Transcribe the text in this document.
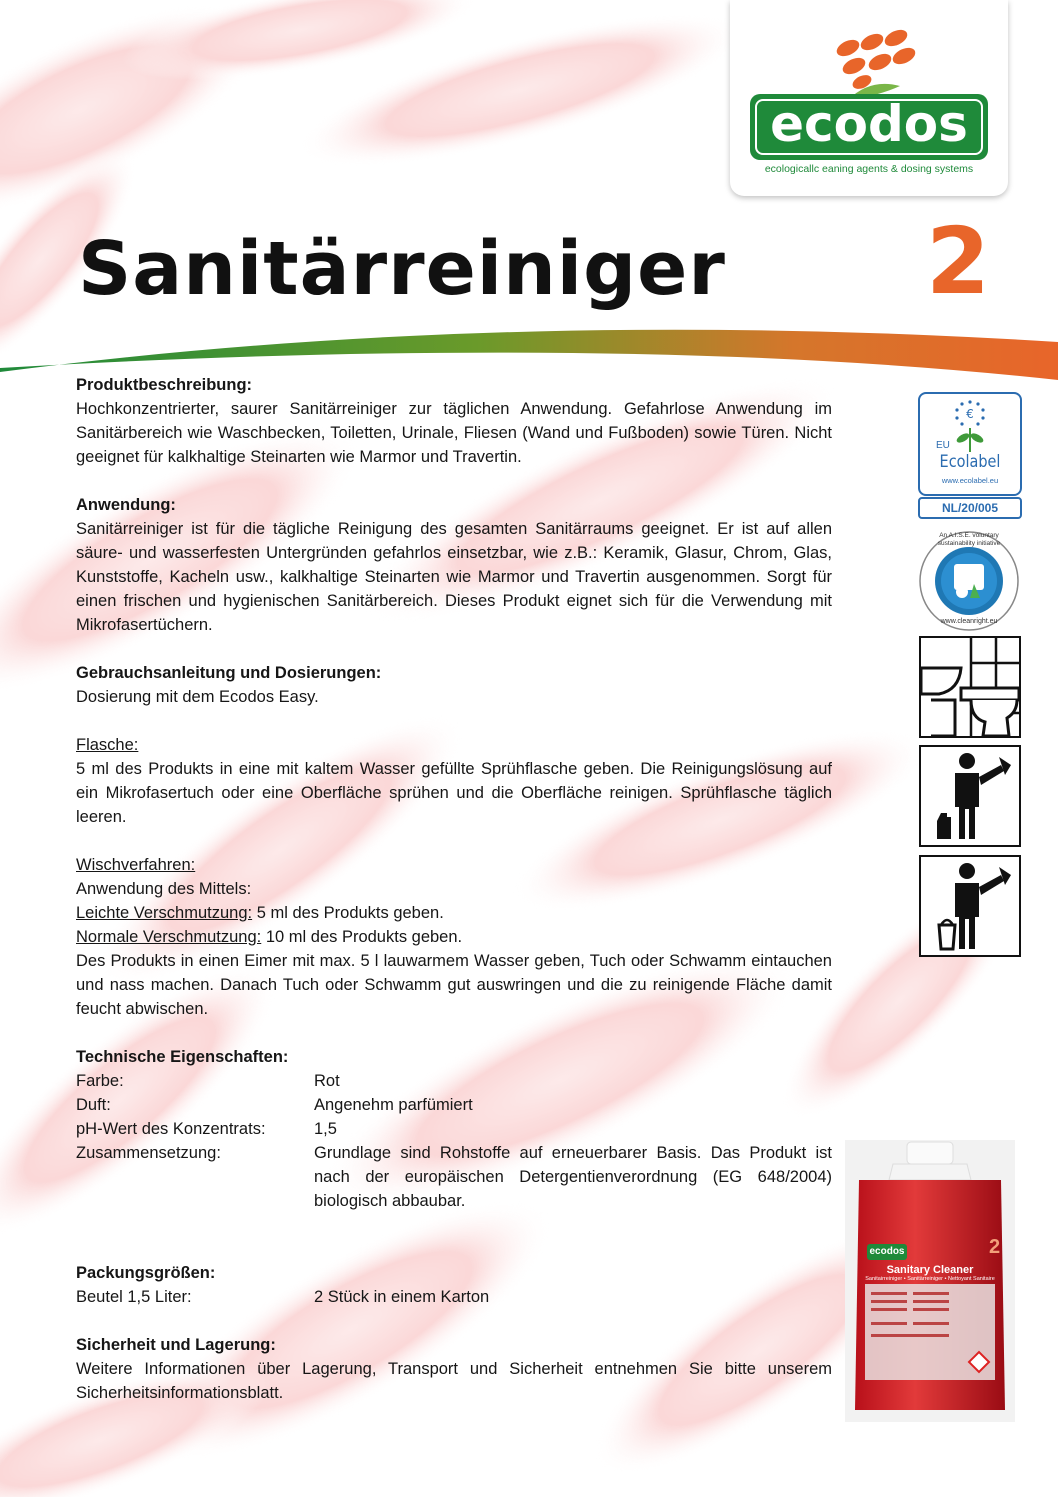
ecodos
ecologicallc eaning agents & dosing systems
Sanitärreiniger 2
Produktbeschreibung:

Hochkonzentrierter, saurer Sanitärreiniger zur täglichen Anwendung. Gefahrlose Anwendung im Sanitärbereich wie Waschbecken, Toiletten, Urinale, Fliesen (Wand und Fußboden) sowie Türen. Nicht geeignet für kalkhaltige Steinarten wie Marmor und Travertin.

Anwendung:

Sanitärreiniger ist für die tägliche Reinigung des gesamten Sanitärraums geeignet. Er ist auf allen säure- und wasserfesten Untergründen gefahrlos einsetzbar, wie z.B.: Keramik, Glasur, Chrom, Glas, Kunststoffe, Kacheln usw., kalkhaltige Steinarten wie Marmor und Travertin ausgenommen. Sorgt für einen frischen und hygienischen Sanitärbereich. Dieses Produkt eignet sich für die Verwendung mit Mikrofasertüchern.

Gebrauchsanleitung und Dosierungen:

Dosierung mit dem Ecodos Easy.

Flasche:

5 ml des Produkts in eine mit kaltem Wasser gefüllte Sprühflasche geben. Die Reinigungslösung auf ein Mikrofasertuch oder eine Oberfläche sprühen und die Oberfläche reinigen. Sprühflasche täglich leeren.

Wischverfahren:

Anwendung des Mittels:

Leichte Verschmutzung: 5 ml des Produkts geben.

Normale Verschmutzung: 10 ml des Produkts geben.

Des Produkts in einen Eimer mit max. 5 l lauwarmem Wasser geben, Tuch oder Schwamm eintauchen und nass machen. Danach Tuch oder Schwamm gut auswringen und die zu reinigende Fläche damit feucht abwischen.

Technische Eigenschaften:
Farbe:	Rot
Duft:	Angenehm parfümiert
pH-Wert des Konzentrats:	1,5
Zusammensetzung:	Grundlage sind Rohstoffe auf erneuerbarer Basis. Das Produkt ist nach der europäischen Detergentienverordnung (EG 648/2004) biologisch abbaubar.
Packungsgrößen:
Beutel 1,5 Liter:	2 Stück in einem Karton
Sicherheit und Lagerung:

Weitere Informationen über Lagerung, Transport und Sicherheit entnehmen Sie bitte unserem Sicherheitsinformationsblatt.

€
EU
Ecolabel
www.ecolabel.eu
NL/20/005
An A.I.S.E. voluntary sustainability initiative
www.cleanright.eu
ecodos	2
Sanitary Cleaner
Sanitairreiniger • Sanitärreiniger • Nettoyant Sanitaire
